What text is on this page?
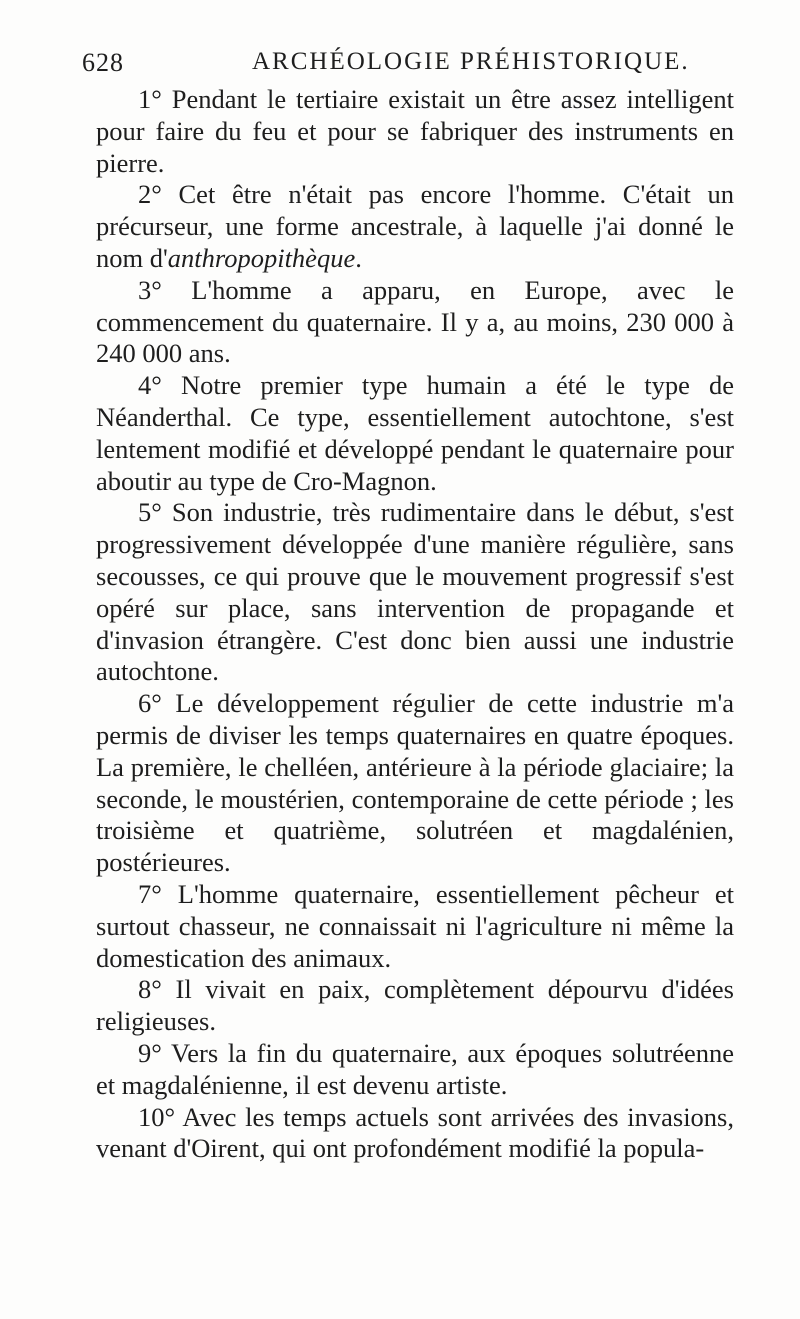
628	ARCHÉOLOGIE PRÉHISTORIQUE.

1° Pendant le tertiaire existait un être assez intelligent pour faire du feu et pour se fabriquer des instruments en pierre.

2° Cet être n'était pas encore l'homme. C'était un précurseur, une forme ancestrale, à laquelle j'ai donné le nom d'anthropopithèque.

3° L'homme a apparu, en Europe, avec le commencement du quaternaire. Il y a, au moins, 230 000 à 240 000 ans.

4° Notre premier type humain a été le type de Néanderthal. Ce type, essentiellement autochtone, s'est lentement modifié et développé pendant le quaternaire pour aboutir au type de Cro-Magnon.

5° Son industrie, très rudimentaire dans le début, s'est progressivement développée d'une manière régulière, sans secousses, ce qui prouve que le mouvement progressif s'est opéré sur place, sans intervention de propagande et d'invasion étrangère. C'est donc bien aussi une industrie autochtone.

6° Le développement régulier de cette industrie m'a permis de diviser les temps quaternaires en quatre époques. La première, le chelléen, antérieure à la période glaciaire; la seconde, le moustérien, contemporaine de cette période ; les troisième et quatrième, solutréen et magdalénien, postérieures.

7° L'homme quaternaire, essentiellement pêcheur et surtout chasseur, ne connaissait ni l'agriculture ni même la domestication des animaux.

8° Il vivait en paix, complètement dépourvu d'idées religieuses.

9° Vers la fin du quaternaire, aux époques solutréenne et magdalénienne, il est devenu artiste.

10° Avec les temps actuels sont arrivées des invasions, venant d'Oirent, qui ont profondément modifié la popula-
